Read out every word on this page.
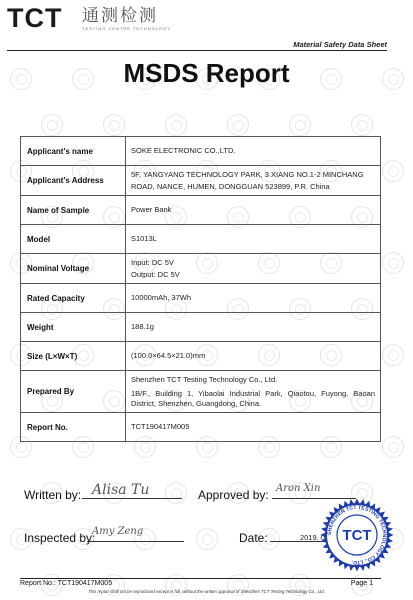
TCT 通测检测
TESTING CENTRE TECHNOLOGY
Material Safety Data Sheet
MSDS Report
Applicant's name	SOKE ELECTRONIC CO.,LTD.
Applicant's Address	5F, YANGYANG TECHNOLOGY PARK, 3 XIANG NO.1-2 MINCHANG
ROAD, NANCE, HUMEN, DONGGUAN 523899, P.R. China

Name of Sample	Power Bank
Model	S1013L
Nominal Voltage	Input: DC 5V
Output: DC 5V

Rated Capacity	10000mAh, 37Wh
Weight	188.1g
Size (L×W×T)	(100.0×64.5×21.0)mm
Prepared By	Shenzhen TCT Testing Technology Co., Ltd.
1B/F., Building 1, Yibaolai Industrial Park, Qiaotou, Fuyong, Baoan District, Shenzhen, Guangdong, China.

Report No.	TCT190417M005
Written by: Alisa Tu	Approved by: Aron Xin
Inspected by:
Amy Zeng	Date:	2019. 0 SHENZHEN TCT TESTING TECHNOLOGY CO., LTD.
TCT
Report No.: TCT190417M005	Page 1
This report shall not be reproduced except in full, without the written approval of Shenzhen TCT Testing Technology Co., Ltd.
